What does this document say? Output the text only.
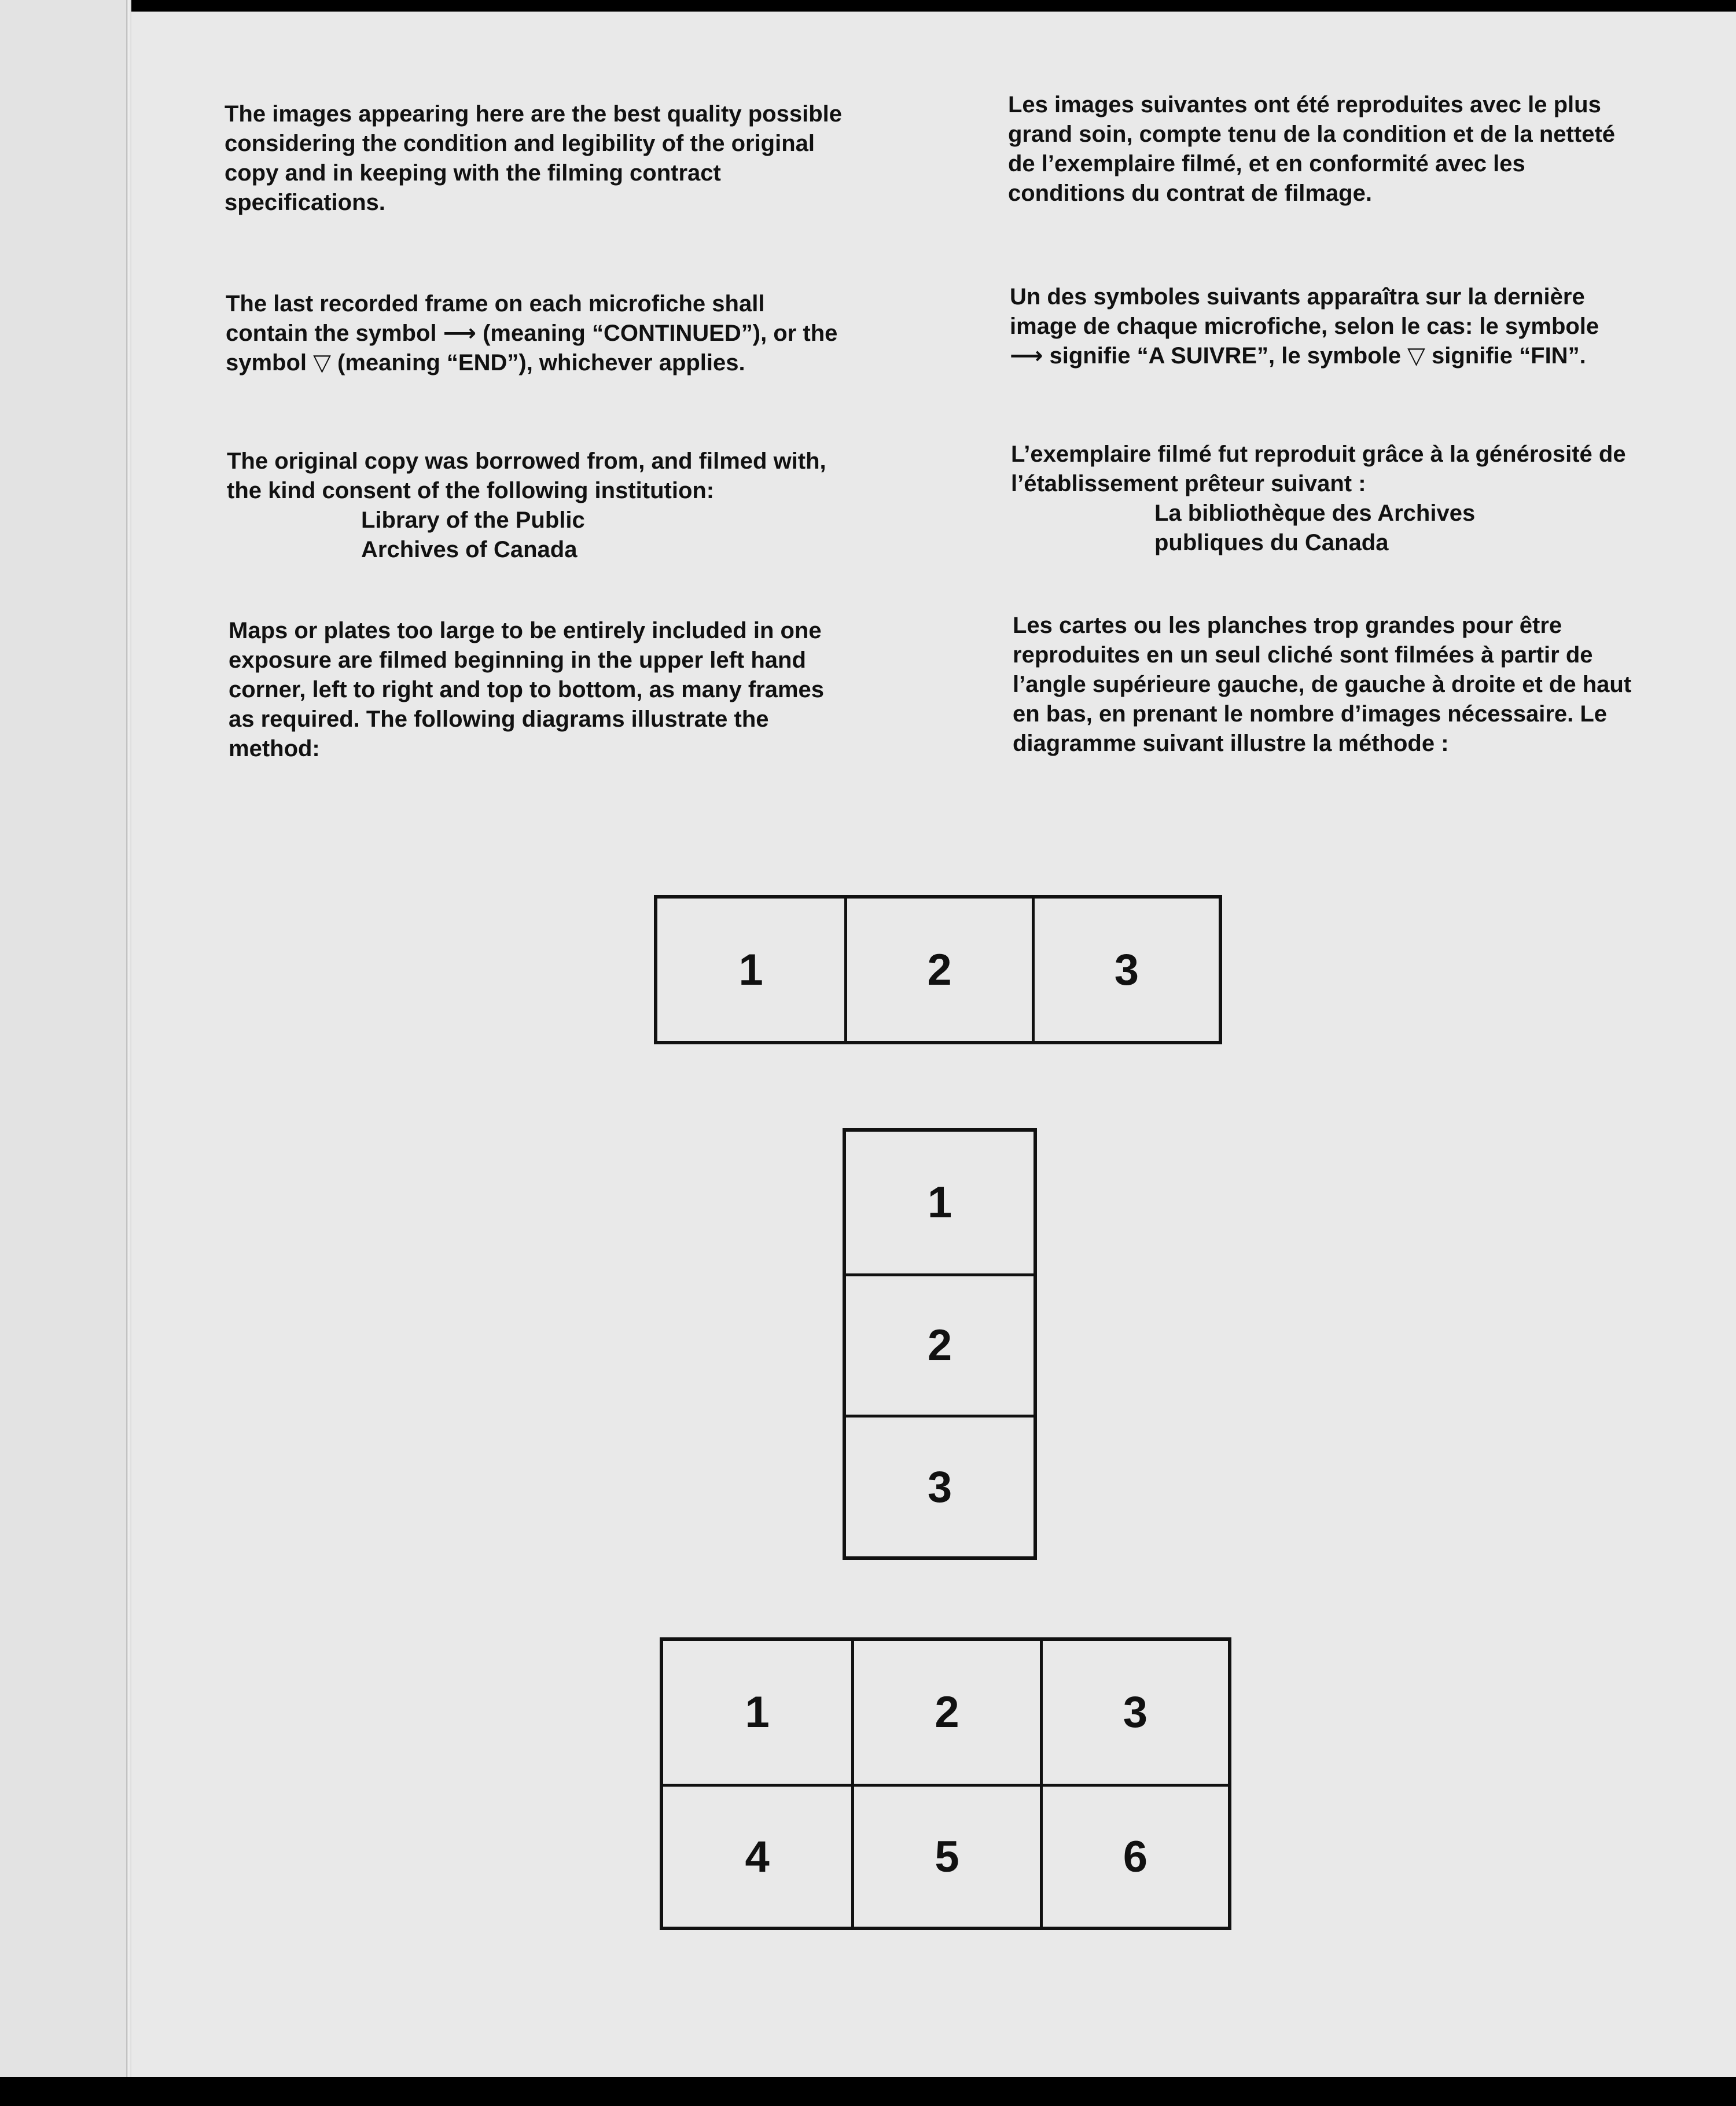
The images appearing here are the best quality possible considering the condition and legibility of the original copy and in keeping with the filming contract specifications.

The last recorded frame on each microfiche shall contain the symbol ⟶ (meaning “CONTINUED”), or the symbol ▽ (meaning “END”), whichever applies.

The original copy was borrowed from, and filmed with, the kind consent of the following institution:

Library of the Public

Archives of Canada

Maps or plates too large to be entirely included in one exposure are filmed beginning in the upper left hand corner, left to right and top to bottom, as many frames as required. The following diagrams illustrate the method:

Les images suivantes ont été reproduites avec le plus grand soin, compte tenu de la condition et de la netteté de l’exemplaire filmé, et en conformité avec les conditions du contrat de filmage.

Un des symboles suivants apparaîtra sur la dernière image de chaque microfiche, selon le cas: le symbole ⟶ signifie “A SUIVRE”, le symbole ▽ signifie “FIN”.

L’exemplaire filmé fut reproduit grâce à la générosité de l’établissement prêteur suivant :

La bibliothèque des Archives

publiques du Canada

Les cartes ou les planches trop grandes pour être reproduites en un seul cliché sont filmées à partir de l’angle supérieure gauche, de gauche à droite et de haut en bas, en prenant le nombre d’images nécessaire. Le diagramme suivant illustre la méthode :

1	2	3
1
2
3
1	2	3
4	5	6
